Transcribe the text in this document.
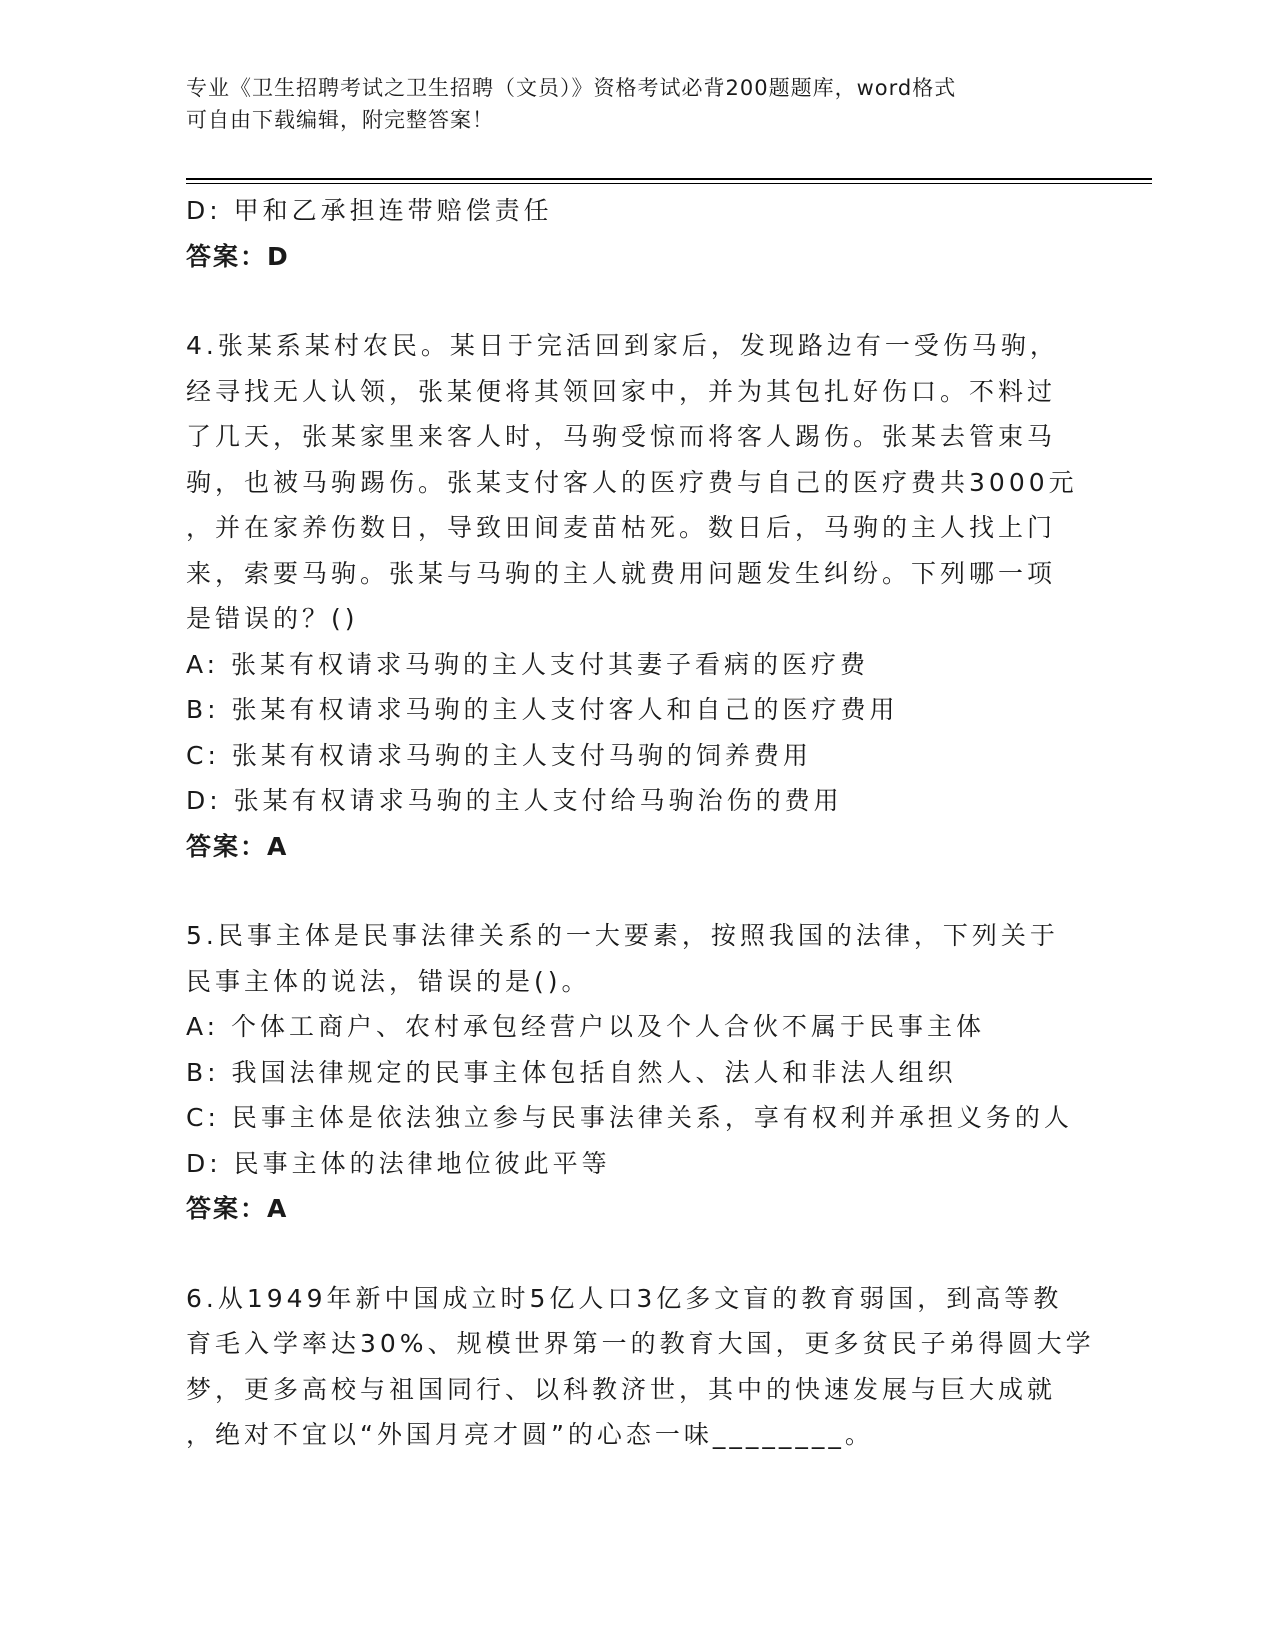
专业《卫生招聘考试之卫生招聘（文员）》资格考试必背200题题库，word格式
可自由下载编辑，附完整答案！
D: 甲和乙承担连带赔偿责任
答案：D
4.张某系某村农民。某日于完活回到家后，发现路边有一受伤马驹，
经寻找无人认领，张某便将其领回家中，并为其包扎好伤口。不料过
了几天，张某家里来客人时，马驹受惊而将客人踢伤。张某去管束马
驹，也被马驹踢伤。张某支付客人的医疗费与自己的医疗费共3000元
，并在家养伤数日，导致田间麦苗枯死。数日后，马驹的主人找上门
来，索要马驹。张某与马驹的主人就费用问题发生纠纷。下列哪一项
是错误的？()
A: 张某有权请求马驹的主人支付其妻子看病的医疗费
B: 张某有权请求马驹的主人支付客人和自己的医疗费用
C: 张某有权请求马驹的主人支付马驹的饲养费用
D: 张某有权请求马驹的主人支付给马驹治伤的费用
答案：A
5.民事主体是民事法律关系的一大要素，按照我国的法律，下列关于
民事主体的说法，错误的是()。
A: 个体工商户、农村承包经营户以及个人合伙不属于民事主体
B: 我国法律规定的民事主体包括自然人、法人和非法人组织
C: 民事主体是依法独立参与民事法律关系，享有权利并承担义务的人
D: 民事主体的法律地位彼此平等
答案：A
6.从1949年新中国成立时5亿人口3亿多文盲的教育弱国，到高等教
育毛入学率达30%、规模世界第一的教育大国，更多贫民子弟得圆大学
梦，更多高校与祖国同行、以科教济世，其中的快速发展与巨大成就
，绝对不宜以“外国月亮才圆”的心态一味________。
